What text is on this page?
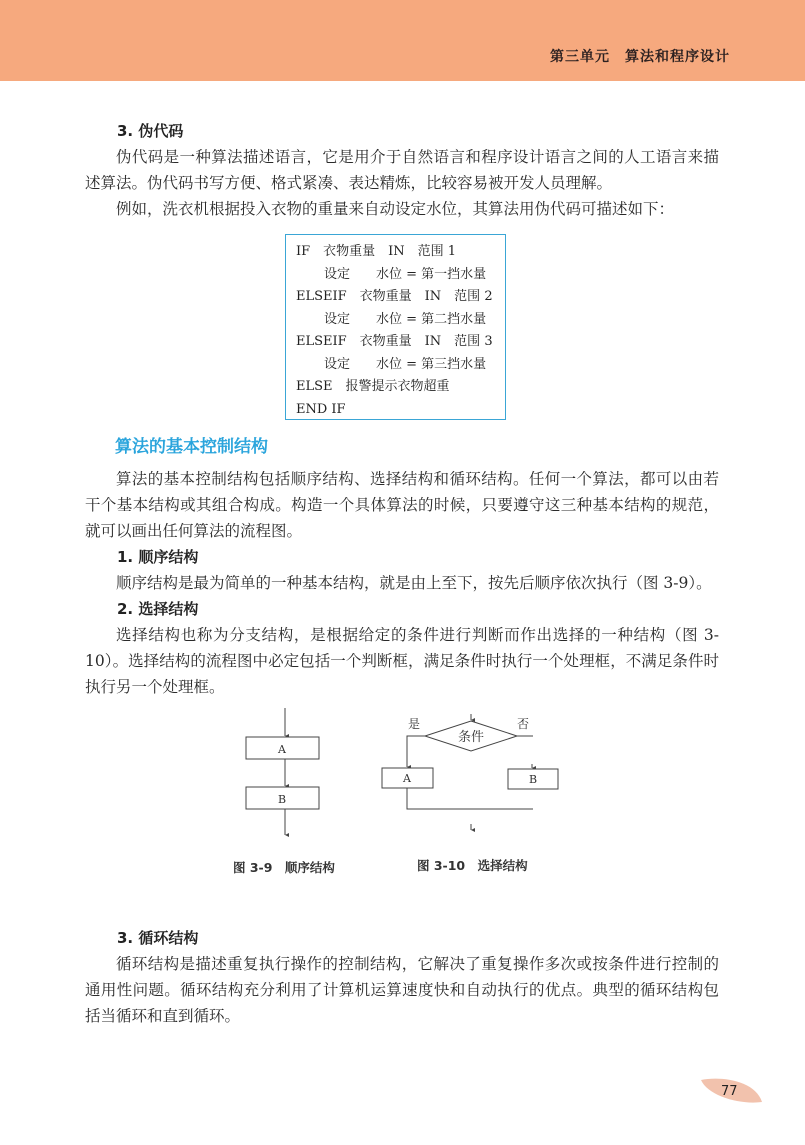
第三单元　算法和程序设计

3. 伪代码

伪代码是一种算法描述语言，它是用介于自然语言和程序设计语言之间的人工语言来描述算法。伪代码书写方便、格式紧凑、表达精炼，比较容易被开发人员理解。

例如，洗衣机根据投入衣物的重量来自动设定水位，其算法用伪代码可描述如下：

IF　衣物重量　IN　范围 1
设定　　水位 = 第一挡水量
ELSEIF　衣物重量　IN　范围 2
设定　　水位 = 第二挡水量
ELSEIF　衣物重量　IN　范围 3
设定　　水位 = 第三挡水量
ELSE　报警提示衣物超重
END IF
算法的基本控制结构

算法的基本控制结构包括顺序结构、选择结构和循环结构。任何一个算法，都可以由若干个基本结构或其组合构成。构造一个具体算法的时候，只要遵守这三种基本结构的规范，就可以画出任何算法的流程图。

1. 顺序结构

顺序结构是最为简单的一种基本结构，就是由上至下，按先后顺序依次执行（图 3-9）。

2. 选择结构

选择结构也称为分支结构，是根据给定的条件进行判断而作出选择的一种结构（图 3-10）。选择结构的流程图中必定包括一个判断框，满足条件时执行一个处理框，不满足条件时执行另一个处理框。

A
B
条件
是	否
A	B
图 3-9　顺序结构	图 3-10　选择结构

3. 循环结构

循环结构是描述重复执行操作的控制结构，它解决了重复操作多次或按条件进行控制的通用性问题。循环结构充分利用了计算机运算速度快和自动执行的优点。典型的循环结构包括当循环和直到循环。

77
